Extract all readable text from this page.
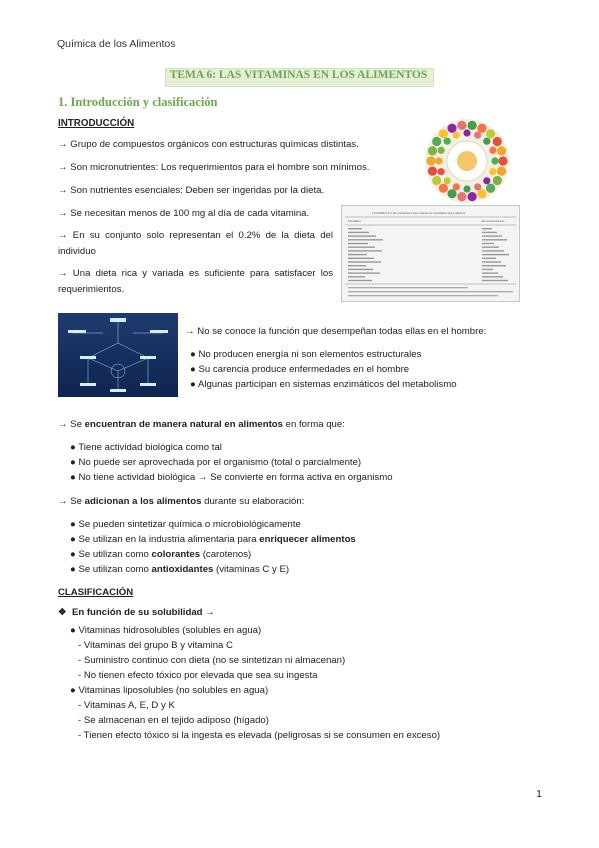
Química de los Alimentos
TEMA 6: LAS VITAMINAS EN LOS ALIMENTOS
1. Introducción y clasificación
INTRODUCCIÓN
→ Grupo de compuestos orgánicos con estructuras químicas distintas.
→ Son micronutrientes: Los requerimientos para el hombre son mínimos.
→ Son nutrientes esenciales: Deben ser ingeridas por la dieta.
→ Se necesitan menos de 100 mg al día de cada vitamina.
→ En su conjunto solo representan el 0.2% de la dieta del individuo
→ Una dieta rica y variada es suficiente para satisfacer los requerimientos.
CUADRO 6.1 Recomendaciones diarias de vitaminas para adultos
Vitamina	Recomendación
→ No se conoce la función que desempeñan todas ellas en el hombre:
● No producen energía ni son elementos estructurales
● Su carencia produce enfermedades en el hombre
● Algunas participan en sistemas enzimáticos del metabolismo
→ Se encuentran de manera natural en alimentos en forma que:
● Tiene actividad biológica como tal
● No puede ser aprovechada por el organismo (total o parcialmente)
● No tiene actividad biológica → Se convierte en forma activa en organismo
→ Se adicionan a los alimentos durante su elaboración:
● Se pueden sintetizar química o microbiológicamente
● Se utilizan en la industria alimentaria para enriquecer alimentos
● Se utilizan como colorantes (carotenos)
● Se utilizan como antioxidantes (vitaminas C y E)
CLASIFICACIÓN
❖  En función de su solubilidad →
● Vitaminas hidrosolubles (solubles en agua)
- Vitaminas del grupo B y vitamina C
- Suministro continuo con dieta (no se sintetizan ni almacenan)
- No tienen efecto tóxico por elevada que sea su ingesta
● Vitaminas liposolubles (no solubles en agua)
- Vitaminas A, E, D y K
- Se almacenan en el tejido adiposo (hígado)
- Tienen efecto tóxico si la ingesta es elevada (peligrosas si se consumen en exceso)
1
